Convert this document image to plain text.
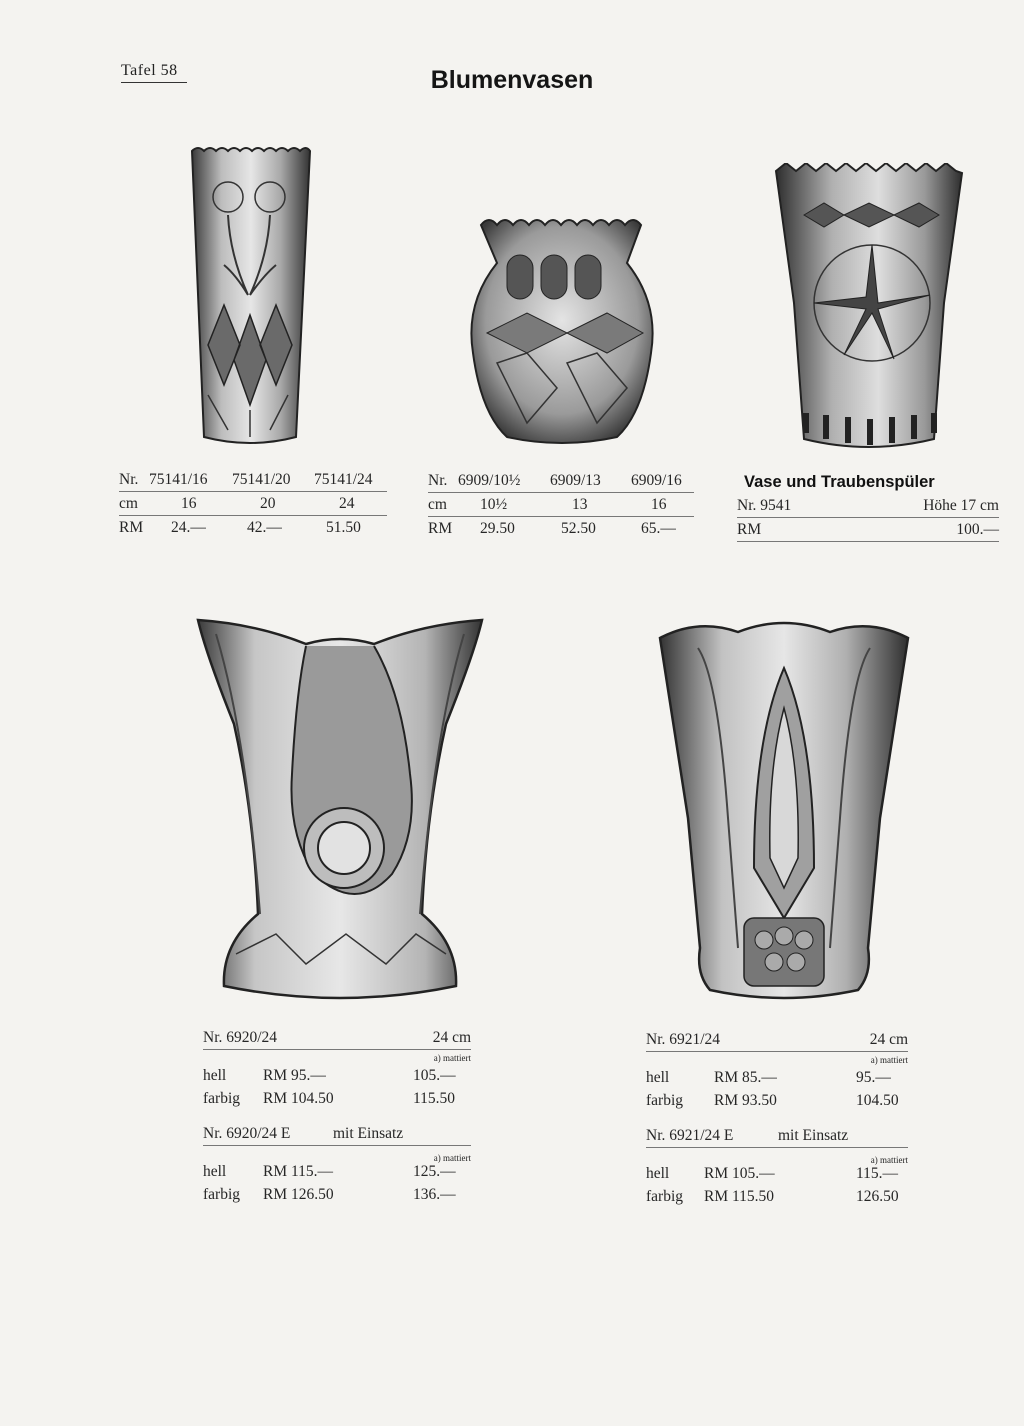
Tafel 58	Blumenvasen
Nr. 75141/16 75141/20 75141/24
cm	16	20	24
RM 24.—	42.—	51.50
Nr. 6909/10½ 6909/13 6909/16
cm 10½	13	16
RM 29.50	52.50	65.—
Vase und Traubenspüler
Nr. 9541	Höhe 17 cm
RM	100.—
Nr. 6920/24	24 cm
a) mattiert
hell RM 95.—	105.—
farbig RM 104.50	115.50
Nr. 6920/24 E	mit Einsatz
a) mattiert
hell RM 115.—	125.—
farbig RM 126.50	136.—
Nr. 6921/24	24 cm
a) mattiert
hell	RM 85.—	95.—
farbig RM 93.50	104.50
Nr. 6921/24 E	mit Einsatz
a) mattiert
hell RM 105.—	115.—
farbig RM 115.50	126.50
